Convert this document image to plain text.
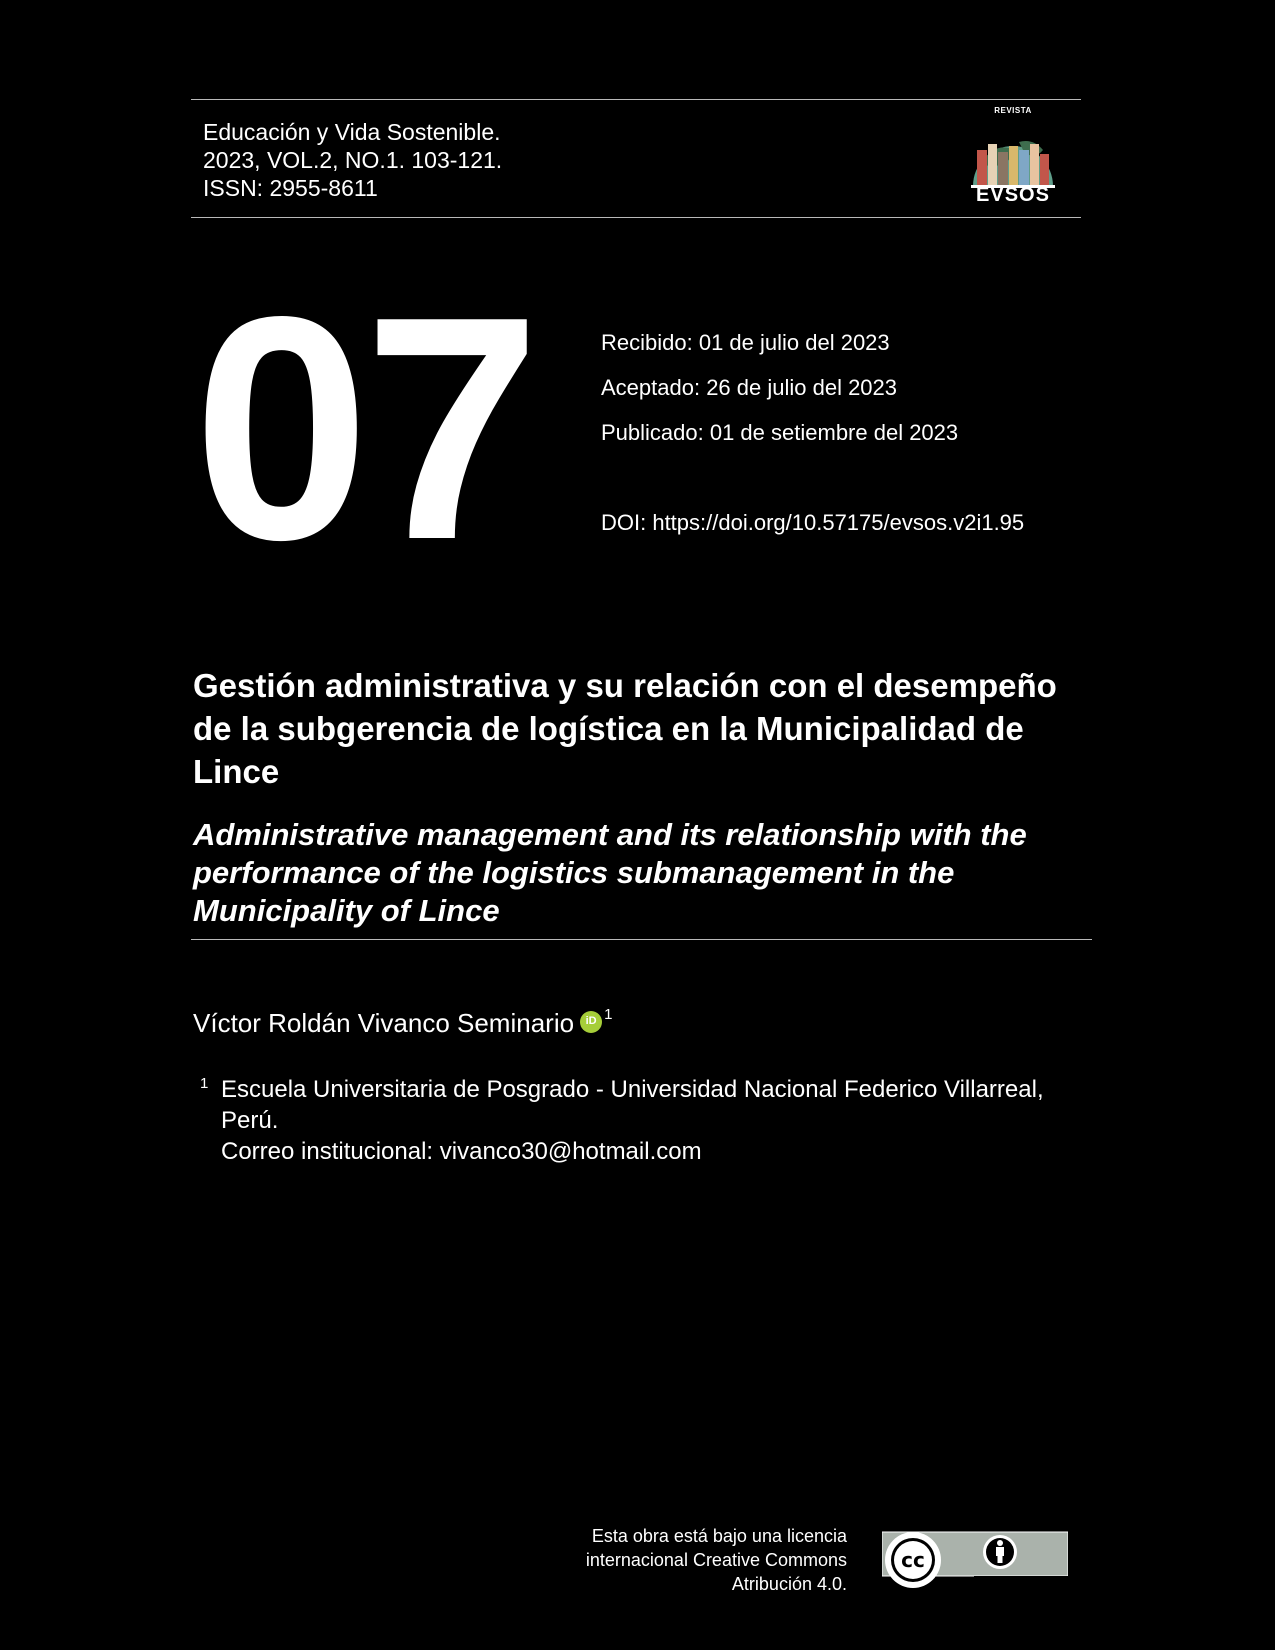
Educación y Vida Sostenible.
2023, VOL.2, NO.1. 103-121.
ISSN: 2955-8611
REVISTA
EVSOS
07	Recibido: 01 de julio del 2023
Aceptado: 26 de julio del 2023
Publicado: 01 de setiembre del 2023
DOI: https://doi.org/10.57175/evsos.v2i1.95
Gestión administrativa y su relación con el desempeño de la subgerencia de logística en la Municipalidad de Lince
Administrative management and its relationship with the performance of the logistics submanagement in the Municipality of Lince
Víctor Roldán Vivanco Seminario	iD $^1$
1 Escuela Universitaria de Posgrado - Universidad Nacional Federico Villarreal,
Perú.
Correo institucional: vivanco30@hotmail.com
Esta obra está bajo una licencia
internacional Creative Commons
Atribución 4.0.
cc
BY
